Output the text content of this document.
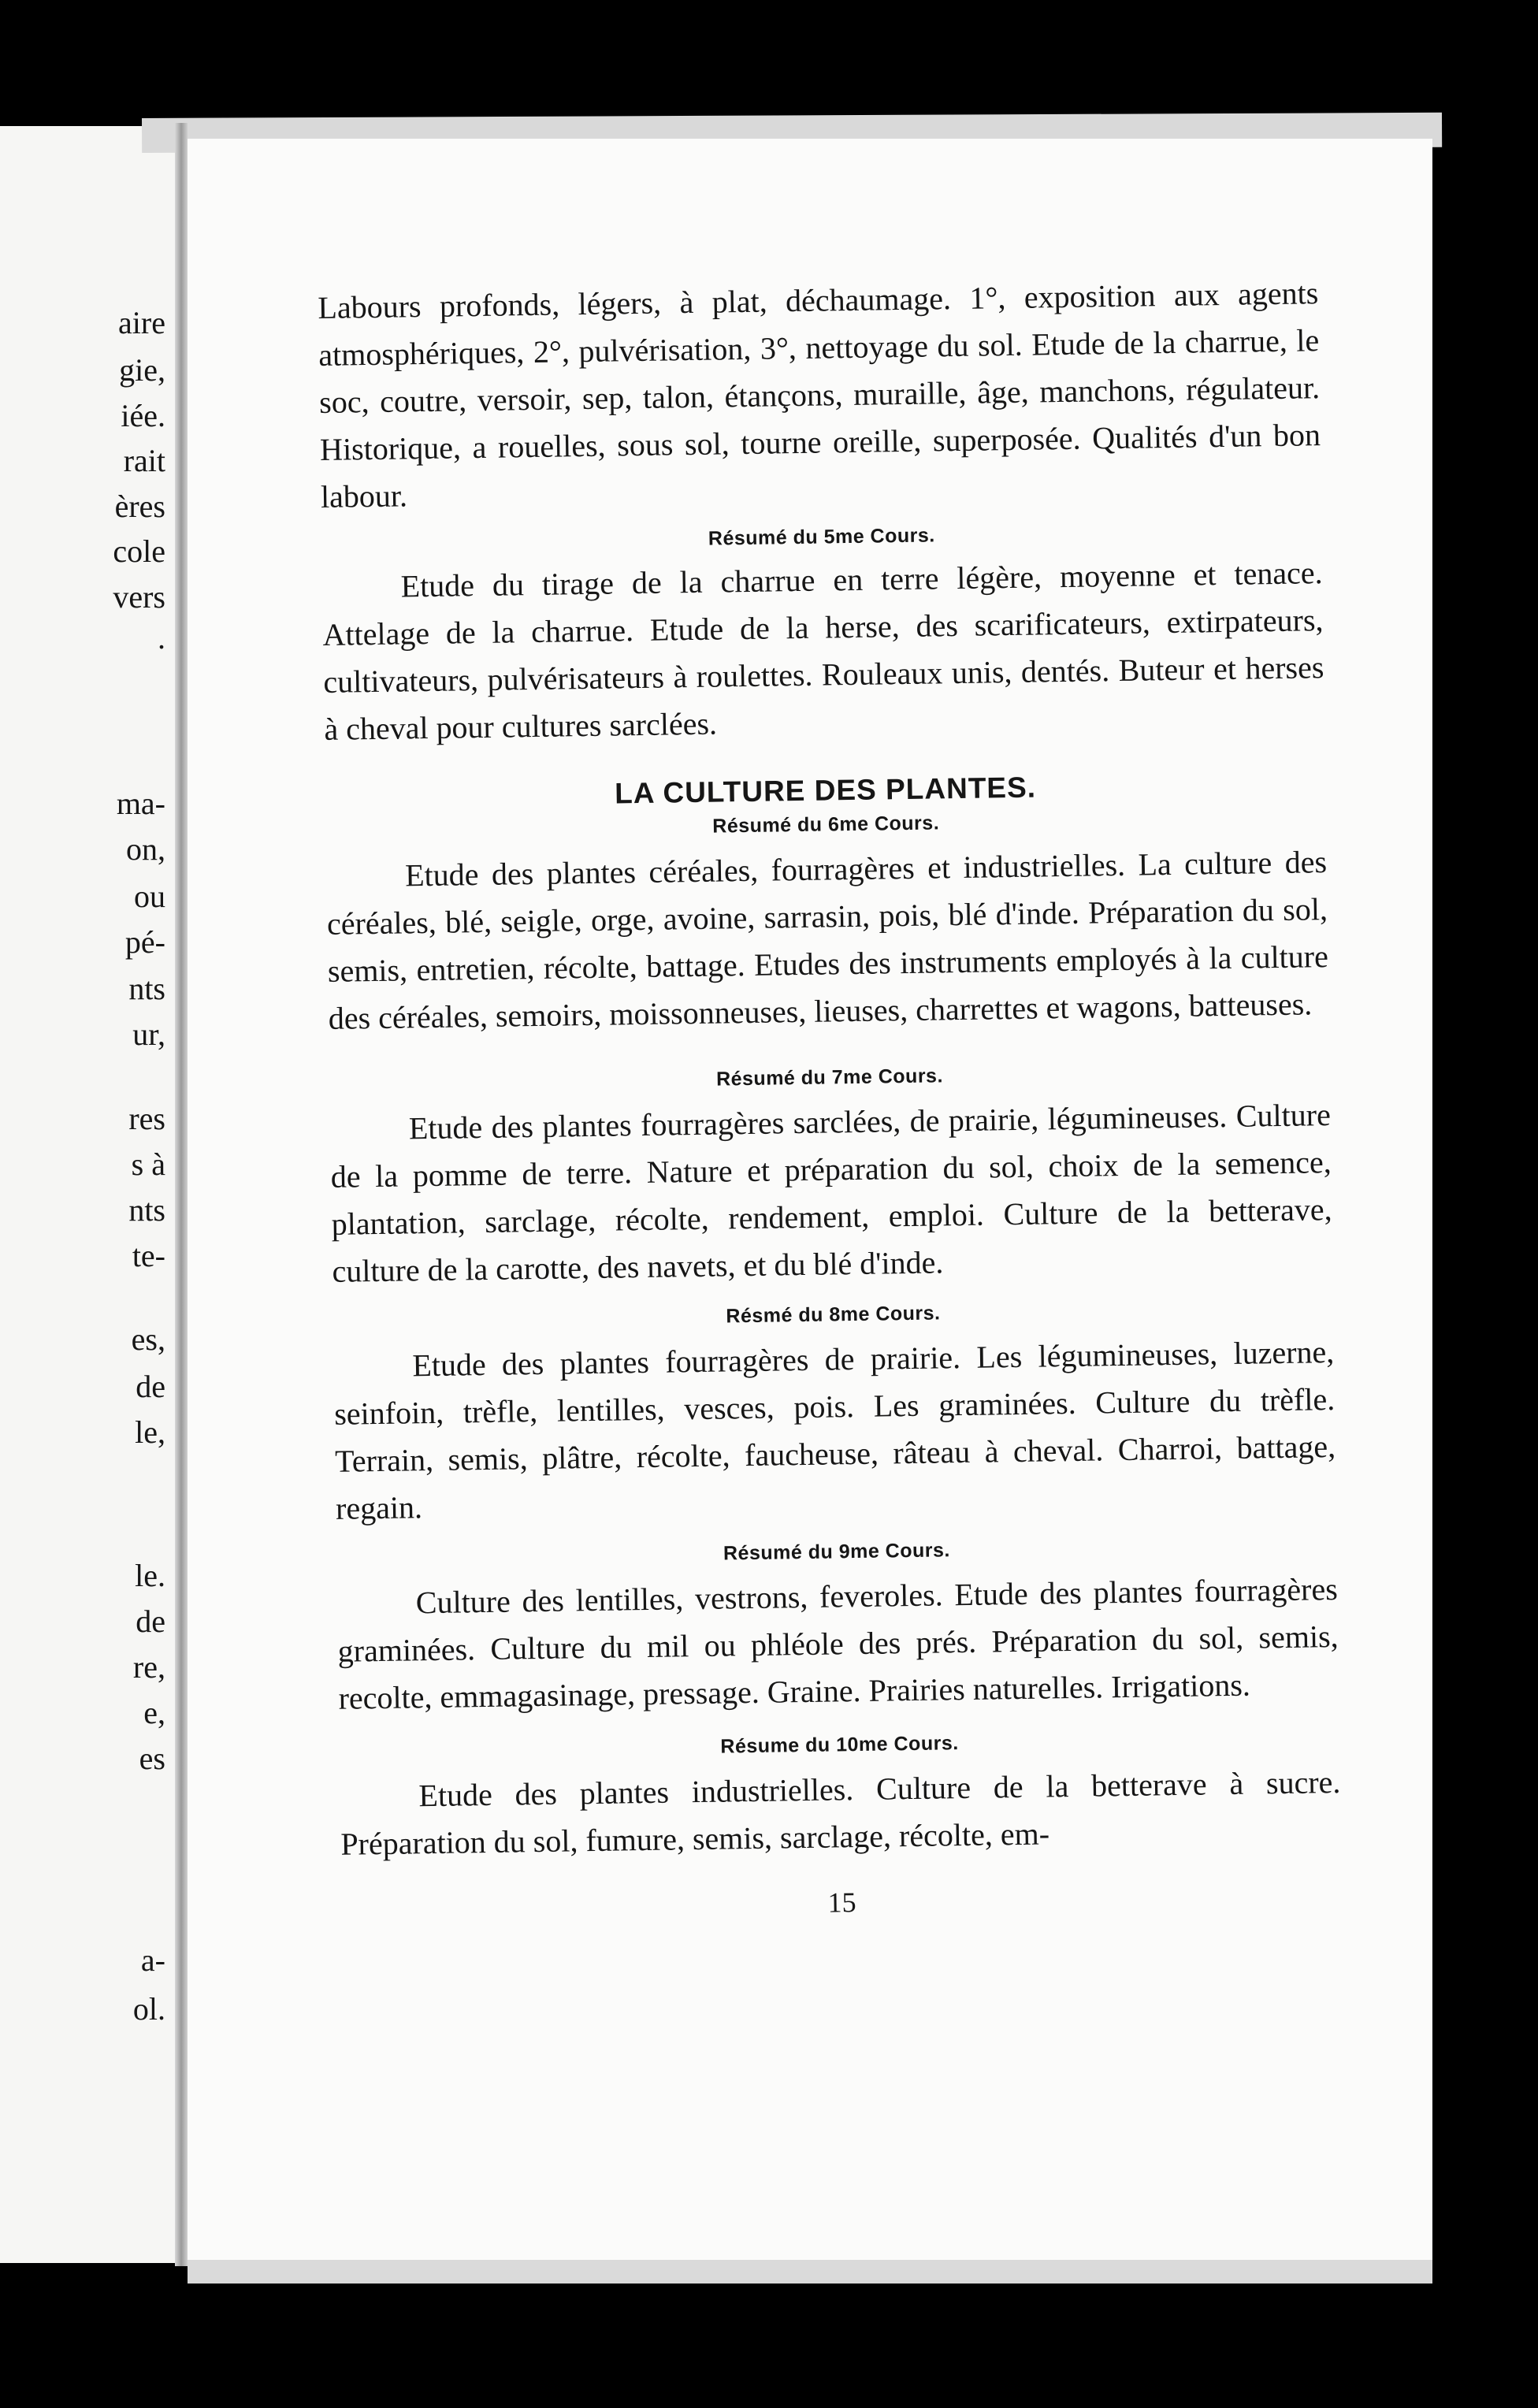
aire
gie,
iée.
rait
ères
cole
vers
.
ma-
on,
ou
pé-
nts
ur,
res
s à
nts
te-
es,
de
le,
le.
de
re,
e,
es
a-
ol.

Labours profonds, légers, à plat, déchaumage. 1°, exposition aux agents atmosphériques, 2°, pulvérisation, 3°, nettoyage du sol. Etude de la charrue, le soc, coutre, versoir, sep, talon, étançons, muraille, âge, manchons, régulateur. Historique, a rouelles, sous sol, tourne oreille, superposée. Qualités d'un bon labour.

Résumé du 5me Cours.

Etude du tirage de la charrue en terre légère, moyenne et tenace. Attelage de la charrue. Etude de la herse, des scarificateurs, extirpateurs, cultivateurs, pulvérisateurs à roulettes. Rouleaux unis, dentés. Buteur et herses à cheval pour cultures sarclées.

LA CULTURE DES PLANTES.
Résumé du 6me Cours.

Etude des plantes céréales, fourragères et industrielles. La culture des céréales, blé, seigle, orge, avoine, sarrasin, pois, blé d'inde. Préparation du sol, semis, entretien, récolte, battage. Etudes des instruments employés à la culture des céréales, semoirs, moissonneuses, lieuses, charrettes et wagons, batteuses.

Résumé du 7me Cours.

Etude des plantes fourragères sarclées, de prairie, légumineuses. Culture de la pomme de terre. Nature et préparation du sol, choix de la semence, plantation, sarclage, récolte, rendement, emploi. Culture de la betterave, culture de la carotte, des navets, et du blé d'inde.

Résmé du 8me Cours.

Etude des plantes fourragères de prairie. Les légumineuses, luzerne, seinfoin, trèfle, lentilles, vesces, pois. Les graminées. Culture du trèfle. Terrain, semis, plâtre, récolte, faucheuse, râteau à cheval. Charroi, battage, regain.

Résumé du 9me Cours.

Culture des lentilles, vestrons, feveroles. Etude des plantes fourragères graminées. Culture du mil ou phléole des prés. Préparation du sol, semis, recolte, emmagasinage, pressage. Graine. Prairies naturelles. Irrigations.

Résume du 10me Cours.

Etude des plantes industrielles. Culture de la betterave à sucre. Préparation du sol, fumure, semis, sarclage, récolte, em-

15
